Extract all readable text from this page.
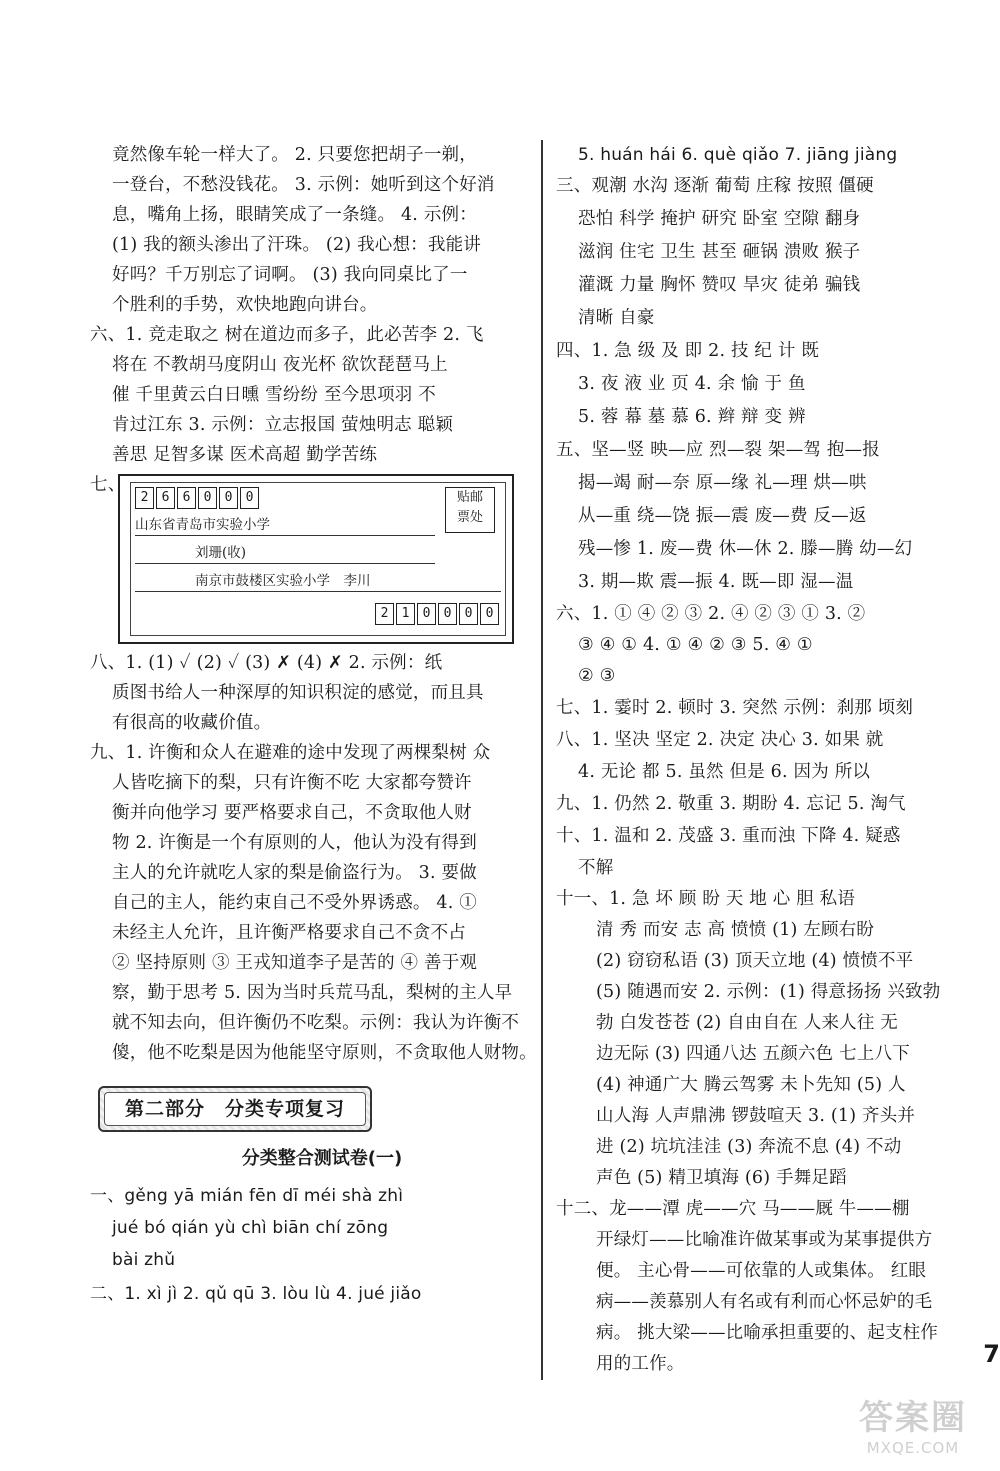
竟然像车轮一样大了。 2. 只要您把胡子一剃，
一登台，不愁没钱花。 3. 示例：她听到这个好消
息，嘴角上扬，眼睛笑成了一条缝。 4. 示例：
(1) 我的额头渗出了汗珠。 (2) 我心想：我能讲
好吗？千万别忘了词啊。 (3) 我向同桌比了一
个胜利的手势，欢快地跑向讲台。
六、1. 竞走取之 树在道边而多子，此必苦李 2. 飞
将在 不教胡马度阴山 夜光杯 欲饮琵琶马上
催 千里黄云白日曛 雪纷纷 至今思项羽 不
肯过江东 3. 示例：立志报国 萤烛明志 聪颖
善思 足智多谋 医术高超 勤学苦练
七、
2	6	6	0	0	0	贴邮
票处
山东省青岛市实验小学
刘珊(收)
南京市鼓楼区实验小学　李川
2	1	0	0	0	0
八、1. (1) ✓ (2) ✓ (3) ✗ (4) ✗ 2. 示例：纸
质图书给人一种深厚的知识积淀的感觉，而且具
有很高的收藏价值。
九、1. 许衡和众人在避难的途中发现了两棵梨树 众
人皆吃摘下的梨，只有许衡不吃 大家都夸赞许
衡并向他学习 要严格要求自己，不贪取他人财
物 2. 许衡是一个有原则的人，他认为没有得到
主人的允许就吃人家的梨是偷盗行为。 3. 要做
自己的主人，能约束自己不受外界诱惑。 4. ①
未经主人允许，且许衡严格要求自己不贪不占
② 坚持原则 ③ 王戎知道李子是苦的 ④ 善于观
察，勤于思考 5. 因为当时兵荒马乱，梨树的主人早
就不知去向，但许衡仍不吃梨。示例：我认为许衡不
傻，他不吃梨是因为他能坚守原则，不贪取他人财物。
第二部分　分类专项复习
分类整合测试卷(一)
一、gěng yā mián fēn dī méi shà zhì
jué bó qián yù chì biān chí zōng
bài zhǔ
二、1. xì jì 2. qǔ qū 3. lòu lù 4. jué jiǎo
5. huán hái 6. què qiǎo 7. jiāng jiàng
三、观潮 水沟 逐渐 葡萄 庄稼 按照 僵硬
恐怕 科学 掩护 研究 卧室 空隙 翻身
滋润 住宅 卫生 甚至 砸锅 溃败 猴子
灌溉 力量 胸怀 赞叹 旱灾 徒弟 骗钱
清晰 自豪
四、1. 急 级 及 即 2. 技 纪 计 既
3. 夜 液 业 页 4. 余 愉 于 鱼
5. 蓉 幕 墓 慕 6. 辫 辩 变 辨
五、坚—竖 映—应 烈—裂 架—驾 抱—报
揭—竭 耐—奈 原—缘 礼—理 烘—哄
从—重 绕—饶 振—震 废—费 反—返
残—惨 1. 废—费 休—休 2. 滕—腾 幼—幻
3. 期—欺 震—振 4. 既—即 湿—温
六、1. ① ④ ② ③ 2. ④ ② ③ ① 3. ②
③ ④ ① 4. ① ④ ② ③ 5. ④ ①
② ③
七、1. 霎时 2. 顿时 3. 突然 示例：刹那 顷刻
八、1. 坚决 坚定 2. 决定 决心 3. 如果 就
4. 无论 都 5. 虽然 但是 6. 因为 所以
九、1. 仍然 2. 敬重 3. 期盼 4. 忘记 5. 淘气
十、1. 温和 2. 茂盛 3. 重而浊 下降 4. 疑惑
不解
十一、1. 急 坏 顾 盼 天 地 心 胆 私语
清 秀 而安 志 高 愤愤 (1) 左顾右盼
(2) 窃窃私语 (3) 顶天立地 (4) 愤愤不平
(5) 随遇而安 2. 示例：(1) 得意扬扬 兴致勃
勃 白发苍苍 (2) 自由自在 人来人往 无
边无际 (3) 四通八达 五颜六色 七上八下
(4) 神通广大 腾云驾雾 未卜先知 (5) 人
山人海 人声鼎沸 锣鼓喧天 3. (1) 齐头并
进 (2) 坑坑洼洼 (3) 奔流不息 (4) 不动
声色 (5) 精卫填海 (6) 手舞足蹈
十二、龙——潭 虎——穴 马——厩 牛——棚
开绿灯——比喻准许做某事或为某事提供方
便。 主心骨——可依靠的人或集体。 红眼
病——羡慕别人有名或有利而心怀忌妒的毛
病。 挑大梁——比喻承担重要的、起支柱作
用的工作。	7
答案圈
MXQE.COM
